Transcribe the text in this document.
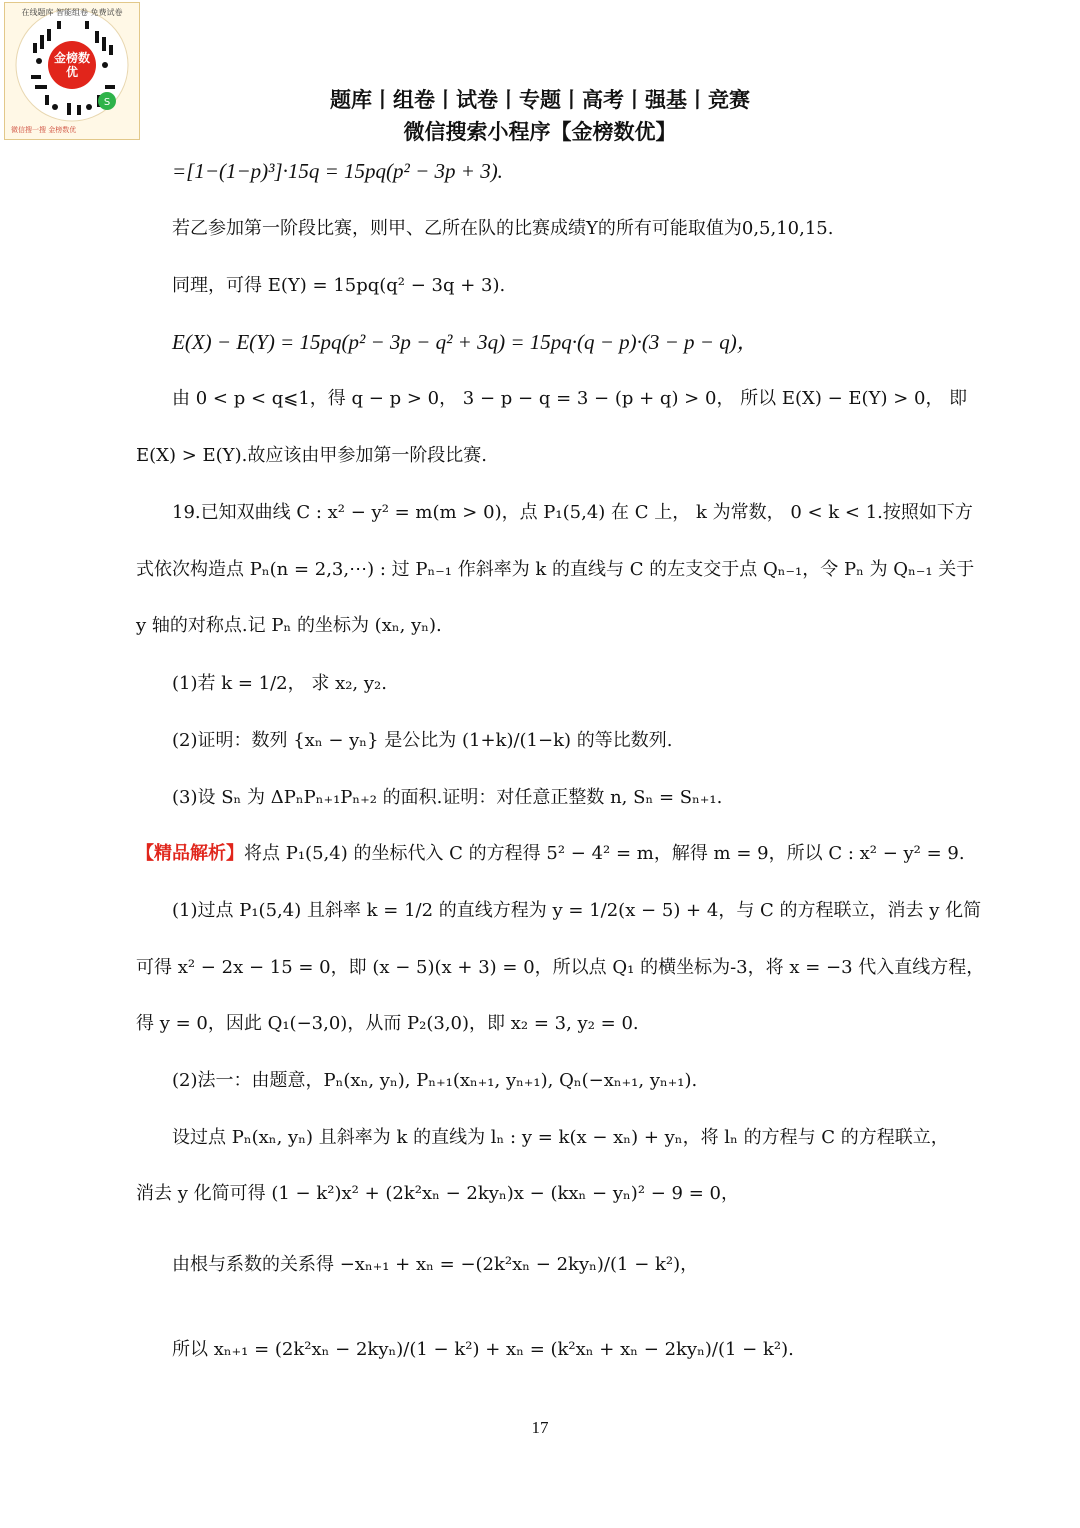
S
金榜数优
在线题库 智能组卷 免费试卷
微信搜一搜 金榜数优
题库丨组卷丨试卷丨专题丨高考丨强基丨竞赛
微信搜索小程序【金榜数优】
=[1−(1−p)³]·15q = 15pq(p² − 3p + 3).
若乙参加第一阶段比赛，则甲、乙所在队的比赛成绩Y的所有可能取值为0,5,10,15.
同理，可得 E(Y) = 15pq(q² − 3q + 3).
E(X) − E(Y) = 15pq(p² − 3p − q² + 3q) = 15pq·(q − p)·(3 − p − q)，
由 0 < p < q⩽1，得 q − p > 0， 3 − p − q = 3 − (p + q) > 0， 所以 E(X) − E(Y) > 0， 即
E(X) > E(Y).故应该由甲参加第一阶段比赛.
19.已知双曲线 C : x² − y² = m(m > 0)，点 P₁(5,4) 在 C 上， k 为常数， 0 < k < 1.按照如下方
式依次构造点 Pₙ(n = 2,3,⋯) : 过 Pₙ₋₁ 作斜率为 k 的直线与 C 的左支交于点 Qₙ₋₁，令 Pₙ 为 Qₙ₋₁ 关于
y 轴的对称点.记 Pₙ 的坐标为 (xₙ, yₙ).
(1)若 k = 1/2， 求 x₂, y₂.
(2)证明：数列 {xₙ − yₙ} 是公比为 (1+k)/(1−k) 的等比数列.
(3)设 Sₙ 为 ΔPₙPₙ₊₁Pₙ₊₂ 的面积.证明：对任意正整数 n, Sₙ = Sₙ₊₁.
【精品解析】将点 P₁(5,4) 的坐标代入 C 的方程得 5² − 4² = m，解得 m = 9，所以 C : x² − y² = 9.
(1)过点 P₁(5,4) 且斜率 k = 1/2 的直线方程为 y = 1/2(x − 5) + 4，与 C 的方程联立，消去 y 化简
可得 x² − 2x − 15 = 0，即 (x − 5)(x + 3) = 0，所以点 Q₁ 的横坐标为-3，将 x = −3 代入直线方程，
得 y = 0，因此 Q₁(−3,0)，从而 P₂(3,0)，即 x₂ = 3, y₂ = 0.
(2)法一：由题意，Pₙ(xₙ, yₙ), Pₙ₊₁(xₙ₊₁, yₙ₊₁), Qₙ(−xₙ₊₁, yₙ₊₁).
设过点 Pₙ(xₙ, yₙ) 且斜率为 k 的直线为 lₙ : y = k(x − xₙ) + yₙ，将 lₙ 的方程与 C 的方程联立，
消去 y 化简可得 (1 − k²)x² + (2k²xₙ − 2kyₙ)x − (kxₙ − yₙ)² − 9 = 0，
由根与系数的关系得 −xₙ₊₁ + xₙ = −(2k²xₙ − 2kyₙ)/(1 − k²)，
所以 xₙ₊₁ = (2k²xₙ − 2kyₙ)/(1 − k²) + xₙ = (k²xₙ + xₙ − 2kyₙ)/(1 − k²).
17
